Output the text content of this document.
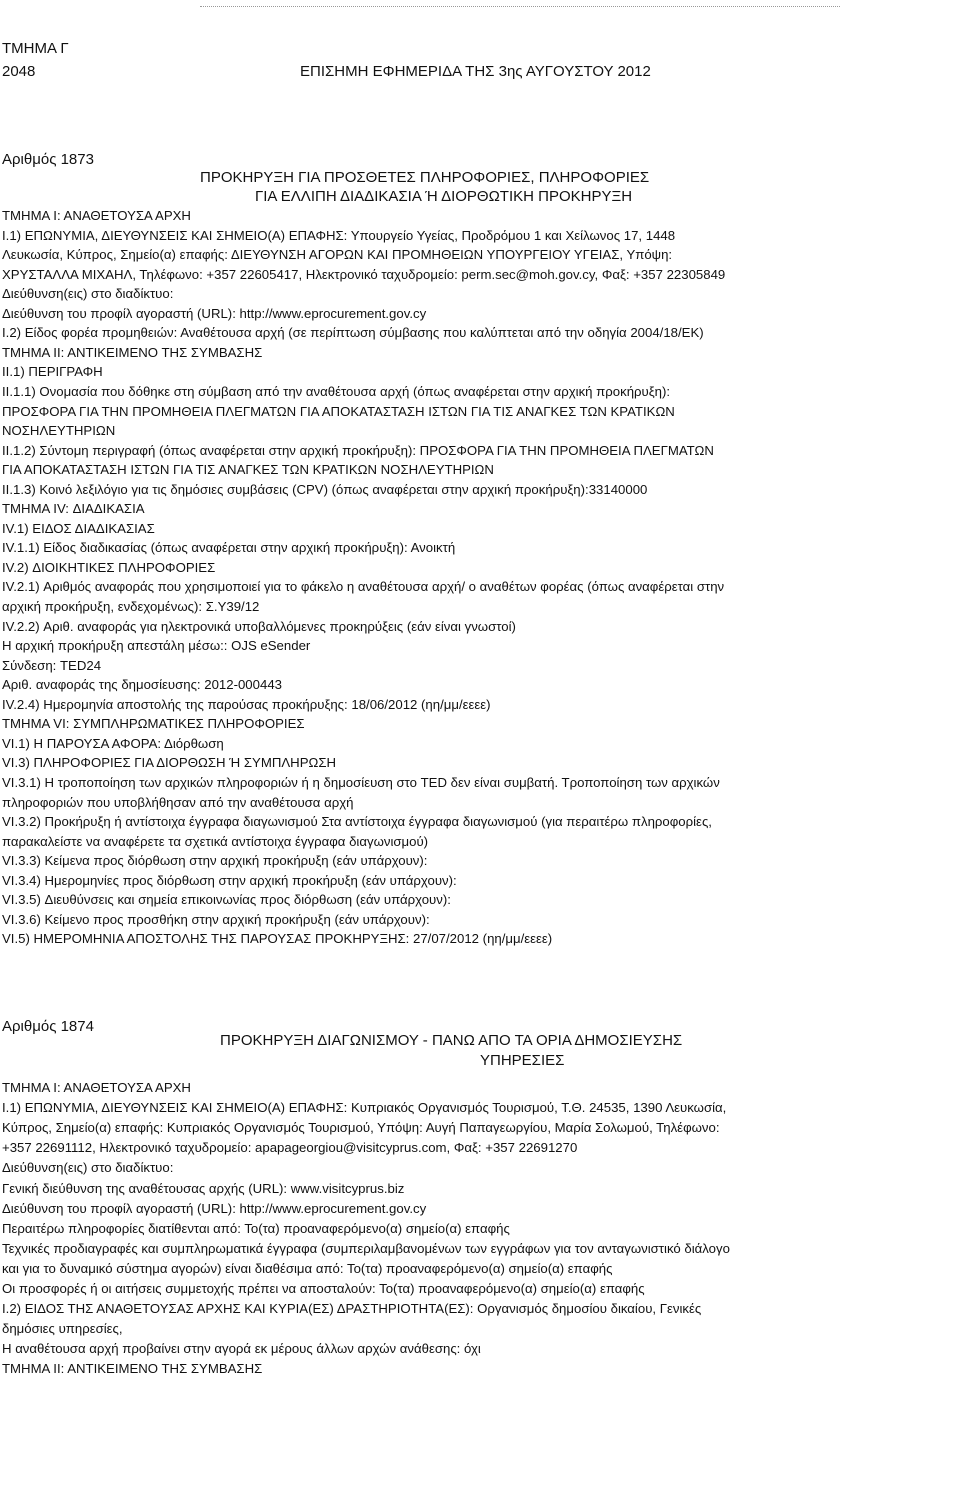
ΤΜΗΜΑ Γ
2048	ΕΠΙΣΗΜΗ ΕΦΗΜΕΡΙΔΑ ΤΗΣ 3ης ΑΥΓΟΥΣΤΟΥ 2012
Αριθμός 1873
ΠΡΟΚΗΡΥΞΗ ΓΙΑ ΠΡΟΣΘΕΤΕΣ ΠΛΗΡΟΦΟΡΙΕΣ, ΠΛΗΡΟΦΟΡΙΕΣ
ΓΙΑ ΕΛΛΙΠΗ ΔΙΑΔΙΚΑΣΙΑ Ή ΔΙΟΡΘΩΤΙΚΗ ΠΡΟΚΗΡΥΞΗ
ΤΜΗΜΑ Ι: ΑΝΑΘΕΤΟΥΣΑ ΑΡΧΗ
Ι.1) ΕΠΩΝΥΜΙΑ, ΔΙΕΥΘΥΝΣΕΙΣ ΚΑΙ ΣΗΜΕΙΟ(Α) ΕΠΑΦΗΣ: Υπουργείο Υγείας, Προδρόμου 1 και Χείλωνος 17, 1448
Λευκωσία, Κύπρος, Σημείο(α) επαφής: ΔΙΕΥΘΥΝΣΗ ΑΓΟΡΩΝ ΚΑΙ ΠΡΟΜΗΘΕΙΩΝ ΥΠΟΥΡΓΕΙΟΥ ΥΓΕΙΑΣ, Υπόψη:
ΧΡΥΣΤΑΛΛΑ ΜΙΧΑΗΛ, Τηλέφωνο: +357 22605417, Ηλεκτρονικό ταχυδρομείο: perm.sec@moh.gov.cy, Φαξ: +357 22305849
Διεύθυνση(εις) στο διαδίκτυο:
Διεύθυνση του προφίλ αγοραστή (URL): http://www.eprocurement.gov.cy
Ι.2) Είδος φορέα προμηθειών: Αναθέτουσα αρχή (σε περίπτωση σύμβασης που καλύπτεται από την οδηγία 2004/18/ΕΚ)
ΤΜΗΜΑ ΙΙ: ΑΝΤΙΚΕΙΜΕΝΟ ΤΗΣ ΣΥΜΒΑΣΗΣ
ΙΙ.1) ΠΕΡΙΓΡΑΦΗ
ΙΙ.1.1) Ονομασία που δόθηκε στη σύμβαση από την αναθέτουσα αρχή (όπως αναφέρεται στην αρχική προκήρυξη):
ΠΡΟΣΦΟΡΑ ΓΙΑ ΤΗΝ ΠΡΟΜΗΘΕΙΑ ΠΛΕΓΜΑΤΩΝ ΓΙΑ ΑΠΟΚΑΤΑΣΤΑΣΗ ΙΣΤΩΝ ΓΙΑ ΤΙΣ ΑΝΑΓΚΕΣ ΤΩΝ ΚΡΑΤΙΚΩΝ
ΝΟΣΗΛΕΥΤΗΡΙΩΝ
ΙΙ.1.2) Σύντομη περιγραφή (όπως αναφέρεται στην αρχική προκήρυξη): ΠΡΟΣΦΟΡΑ ΓΙΑ ΤΗΝ ΠΡΟΜΗΘΕΙΑ ΠΛΕΓΜΑΤΩΝ
ΓΙΑ ΑΠΟΚΑΤΑΣΤΑΣΗ ΙΣΤΩΝ ΓΙΑ ΤΙΣ ΑΝΑΓΚΕΣ ΤΩΝ ΚΡΑΤΙΚΩΝ ΝΟΣΗΛΕΥΤΗΡΙΩΝ
ΙΙ.1.3) Κοινό λεξιλόγιο για τις δημόσιες συμβάσεις (CPV) (όπως αναφέρεται στην αρχική προκήρυξη):33140000
ΤΜΗΜΑ IV: ΔΙΑΔΙΚΑΣΙΑ
IV.1) ΕΙΔΟΣ ΔΙΑΔΙΚΑΣΙΑΣ
IV.1.1) Είδος διαδικασίας (όπως αναφέρεται στην αρχική προκήρυξη): Ανοικτή
IV.2) ΔΙΟΙΚΗΤΙΚΕΣ ΠΛΗΡΟΦΟΡΙΕΣ
IV.2.1) Αριθμός αναφοράς που χρησιμοποιεί για το φάκελο η αναθέτουσα αρχή/ ο αναθέτων φορέας (όπως αναφέρεται στην
αρχική προκήρυξη, ενδεχομένως): Σ.Υ39/12
IV.2.2) Αριθ. αναφοράς για ηλεκτρονικά υποβαλλόμενες προκηρύξεις (εάν είναι γνωστοί)
Η αρχική προκήρυξη απεστάλη μέσω:: OJS eSender
Σύνδεση: TED24
Αριθ. αναφοράς της δημοσίευσης: 2012-000443
IV.2.4) Ημερομηνία αποστολής της παρούσας προκήρυξης: 18/06/2012 (ηη/μμ/εεεε)
ΤΜΗΜΑ VI: ΣΥΜΠΛΗΡΩΜΑΤΙΚΕΣ ΠΛΗΡΟΦΟΡΙΕΣ
VI.1) Η ΠΑΡΟΥΣΑ ΑΦΟΡΑ: Διόρθωση
VI.3) ΠΛΗΡΟΦΟΡΙΕΣ ΓΙΑ ΔΙΟΡΘΩΣΗ Ή ΣΥΜΠΛΗΡΩΣΗ
VI.3.1) Η τροποποίηση των αρχικών πληροφοριών ή η δημοσίευση στο TED δεν είναι συμβατή. Τροποποίηση των αρχικών
πληροφοριών που υποβλήθησαν από την αναθέτουσα αρχή
VI.3.2) Προκήρυξη ή αντίστοιχα έγγραφα διαγωνισμού Στα αντίστοιχα έγγραφα διαγωνισμού (για περαιτέρω πληροφορίες,
παρακαλείστε να αναφέρετε τα σχετικά αντίστοιχα έγγραφα διαγωνισμού)
VI.3.3) Κείμενα προς διόρθωση στην αρχική προκήρυξη (εάν υπάρχουν):
VI.3.4) Ημερομηνίες προς διόρθωση στην αρχική προκήρυξη (εάν υπάρχουν):
VI.3.5) Διευθύνσεις και σημεία επικοινωνίας προς διόρθωση (εάν υπάρχουν):
VI.3.6) Κείμενο προς προσθήκη στην αρχική προκήρυξη (εάν υπάρχουν):
VI.5) ΗΜΕΡΟΜΗΝΙΑ ΑΠΟΣΤΟΛΗΣ ΤΗΣ ΠΑΡΟΥΣΑΣ ΠΡΟΚΗΡΥΞΗΣ: 27/07/2012 (ηη/μμ/εεεε)
Αριθμός 1874
ΠΡΟΚΗΡΥΞΗ ΔΙΑΓΩΝΙΣΜΟΥ - ΠΑΝΩ ΑΠΟ ΤΑ ΟΡΙΑ ΔΗΜΟΣΙΕΥΣΗΣ
ΥΠΗΡΕΣΙΕΣ
ΤΜΗΜΑ Ι: ΑΝΑΘΕΤΟΥΣΑ ΑΡΧΗ
Ι.1) ΕΠΩΝΥΜΙΑ, ΔΙΕΥΘΥΝΣΕΙΣ ΚΑΙ ΣΗΜΕΙΟ(Α) ΕΠΑΦΗΣ: Κυπριακός Οργανισμός Τουρισμού, Τ.Θ. 24535, 1390 Λευκωσία,
Κύπρος, Σημείο(α) επαφής: Κυπριακός Οργανισμός Τουρισμού, Υπόψη: Αυγή Παπαγεωργίου, Μαρία Σολωμού, Τηλέφωνο:
+357 22691112, Ηλεκτρονικό ταχυδρομείο: apapageorgiou@visitcyprus.com, Φαξ: +357 22691270
Διεύθυνση(εις) στο διαδίκτυο:
Γενική διεύθυνση της αναθέτουσας αρχής (URL): www.visitcyprus.biz
Διεύθυνση του προφίλ αγοραστή (URL): http://www.eprocurement.gov.cy
Περαιτέρω πληροφορίες διατίθενται από: Το(τα) προαναφερόμενο(α) σημείο(α) επαφής
Τεχνικές προδιαγραφές και συμπληρωματικά έγγραφα (συμπεριλαμβανομένων των εγγράφων για τον ανταγωνιστικό διάλογο
και για το δυναμικό σύστημα αγορών) είναι διαθέσιμα από: Το(τα) προαναφερόμενο(α) σημείο(α) επαφής
Οι προσφορές ή οι αιτήσεις συμμετοχής πρέπει να αποσταλούν: Το(τα) προαναφερόμενο(α) σημείο(α) επαφής
Ι.2) ΕΙΔΟΣ ΤΗΣ ΑΝΑΘΕΤΟΥΣΑΣ ΑΡΧΗΣ ΚΑΙ ΚΥΡΙΑ(ΕΣ) ΔΡΑΣΤΗΡΙΟΤΗΤΑ(ΕΣ): Οργανισμός δημοσίου δικαίου, Γενικές
δημόσιες υπηρεσίες,
Η αναθέτουσα αρχή προβαίνει στην αγορά εκ μέρους άλλων αρχών ανάθεσης: όχι
ΤΜΗΜΑ ΙΙ: ΑΝΤΙΚΕΙΜΕΝΟ ΤΗΣ ΣΥΜΒΑΣΗΣ
